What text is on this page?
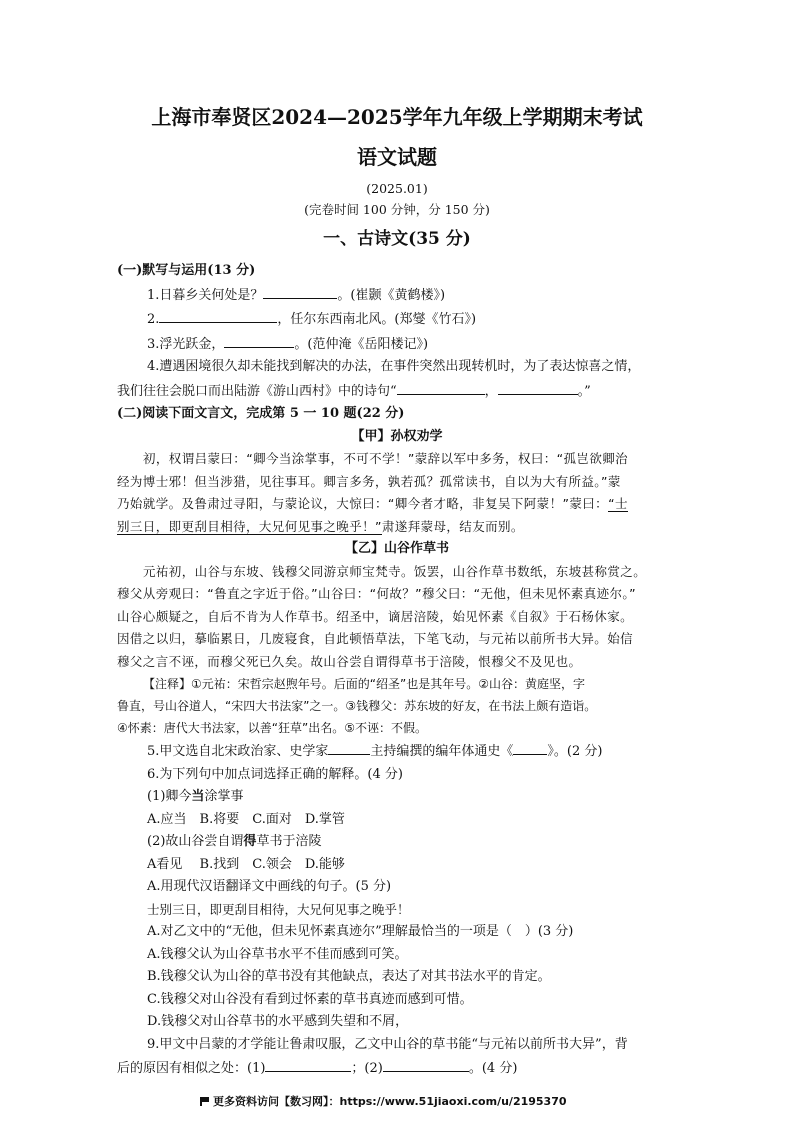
上海市奉贤区2024—2025学年九年级上学期期末考试

语文试题

(2025.01)

(完卷时间 100 分钟，分 150 分)

一、古诗文(35 分)

(一)默写与运用(13 分)

1.日暮乡关何处是？	。(崔颢《黄鹤楼》)

2.	，任尔东西南北风。(郑燮《竹石》)

3.浮光跃金，	。(范仲淹《岳阳楼记》)

4.遭遇困境很久却未能找到解决的办法，在事件突然出现转机时，为了表达惊喜之情，

我们往往会脱口而出陆游《游山西村》中的诗句“	，	。”

(二)阅读下面文言文，完成第 5 一 10 题(22 分)

【甲】孙权劝学

初，权谓吕蒙曰：“卿今当涂掌事，不可不学！”蒙辞以军中多务，权曰：“孤岂欲卿治

经为博士邪！但当涉猎，见往事耳。卿言多务，孰若孤？孤常读书，自以为大有所益。”蒙

乃始就学。及鲁肃过寻阳，与蒙论议，大惊曰：“卿今者才略，非复吴下阿蒙！”蒙曰：“士

别三日，即更刮目相待，大兄何见事之晚乎！”肃遂拜蒙母，结友而别。

【乙】山谷作草书

元祐初，山谷与东坡、钱穆父同游京师宝梵寺。饭罢，山谷作草书数纸，东坡甚称赏之。

穆父从旁观曰：“鲁直之字近于俗。”山谷曰：“何故？”穆父曰：“无他，但未见怀素真迹尔。”

山谷心颇疑之，自后不肯为人作草书。绍圣中，谪居涪陵，始见怀素《自叙》于石杨休家。

因借之以归，摹临累日，几废寝食，自此顿悟草法，下笔飞动，与元祐以前所书大异。始信

穆父之言不诬，而穆父死已久矣。故山谷尝自谓得草书于涪陵，恨穆父不及见也。

【注释】①元祐：宋哲宗赵煦年号。后面的“绍圣”也是其年号。②山谷：黄庭坚，字

鲁直，号山谷道人，“宋四大书法家”之一。③钱穆父：苏东坡的好友，在书法上颇有造诣。

④怀素：唐代大书法家，以善“狂草”出名。⑤不诬：不假。

5.甲文选自北宋政治家、史学家	主持编撰的编年体通史《	》。(2 分)

6.为下列句中加点词选择正确的解释。(4 分)

(1)卿今当涂掌事

A.应当　B.将要　C.面对　D.掌管

(2)故山谷尝自谓得草书于涪陵

A看见　 B.找到　C.领会　D.能够

A.用现代汉语翻译文中画线的句子。(5 分)

士别三日，即更刮目相待，大兄何见事之晚乎！

A.对乙文中的“无他，但未见怀素真迹尔”理解最恰当的一项是（　）(3 分)

A.钱穆父认为山谷草书水平不佳而感到可笑。

B.钱穆父认为山谷的草书没有其他缺点，表达了对其书法水平的肯定。

C.钱穆父对山谷没有看到过怀素的草书真迹而感到可惜。

D.钱穆父对山谷草书的水平感到失望和不屑，

9.甲文中吕蒙的才学能让鲁肃叹服，乙文中山谷的草书能“与元祐以前所书大异”，背

后的原因有相似之处：(1)	；(2)	。(4 分)

更多资料访问【数习网】：https://www.51jiaoxi.com/u/2195370
